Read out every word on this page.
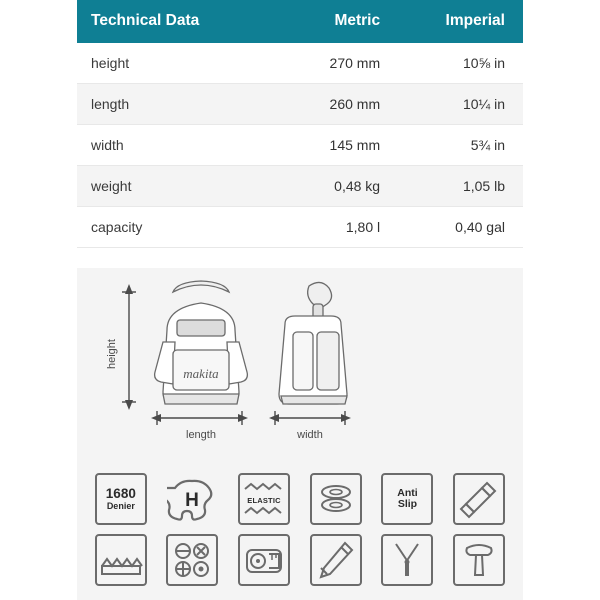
Technical Data	Metric	Imperial
height	270 mm	10⅝ in
length	260 mm	10¼ in
width	145 mm	5¾ in
weight	0,48 kg	1,05 lb
capacity	1,80 l	0,40 gal
height
length	width
makita
1680
Denier	H	ELASTIC
Anti
Slip
